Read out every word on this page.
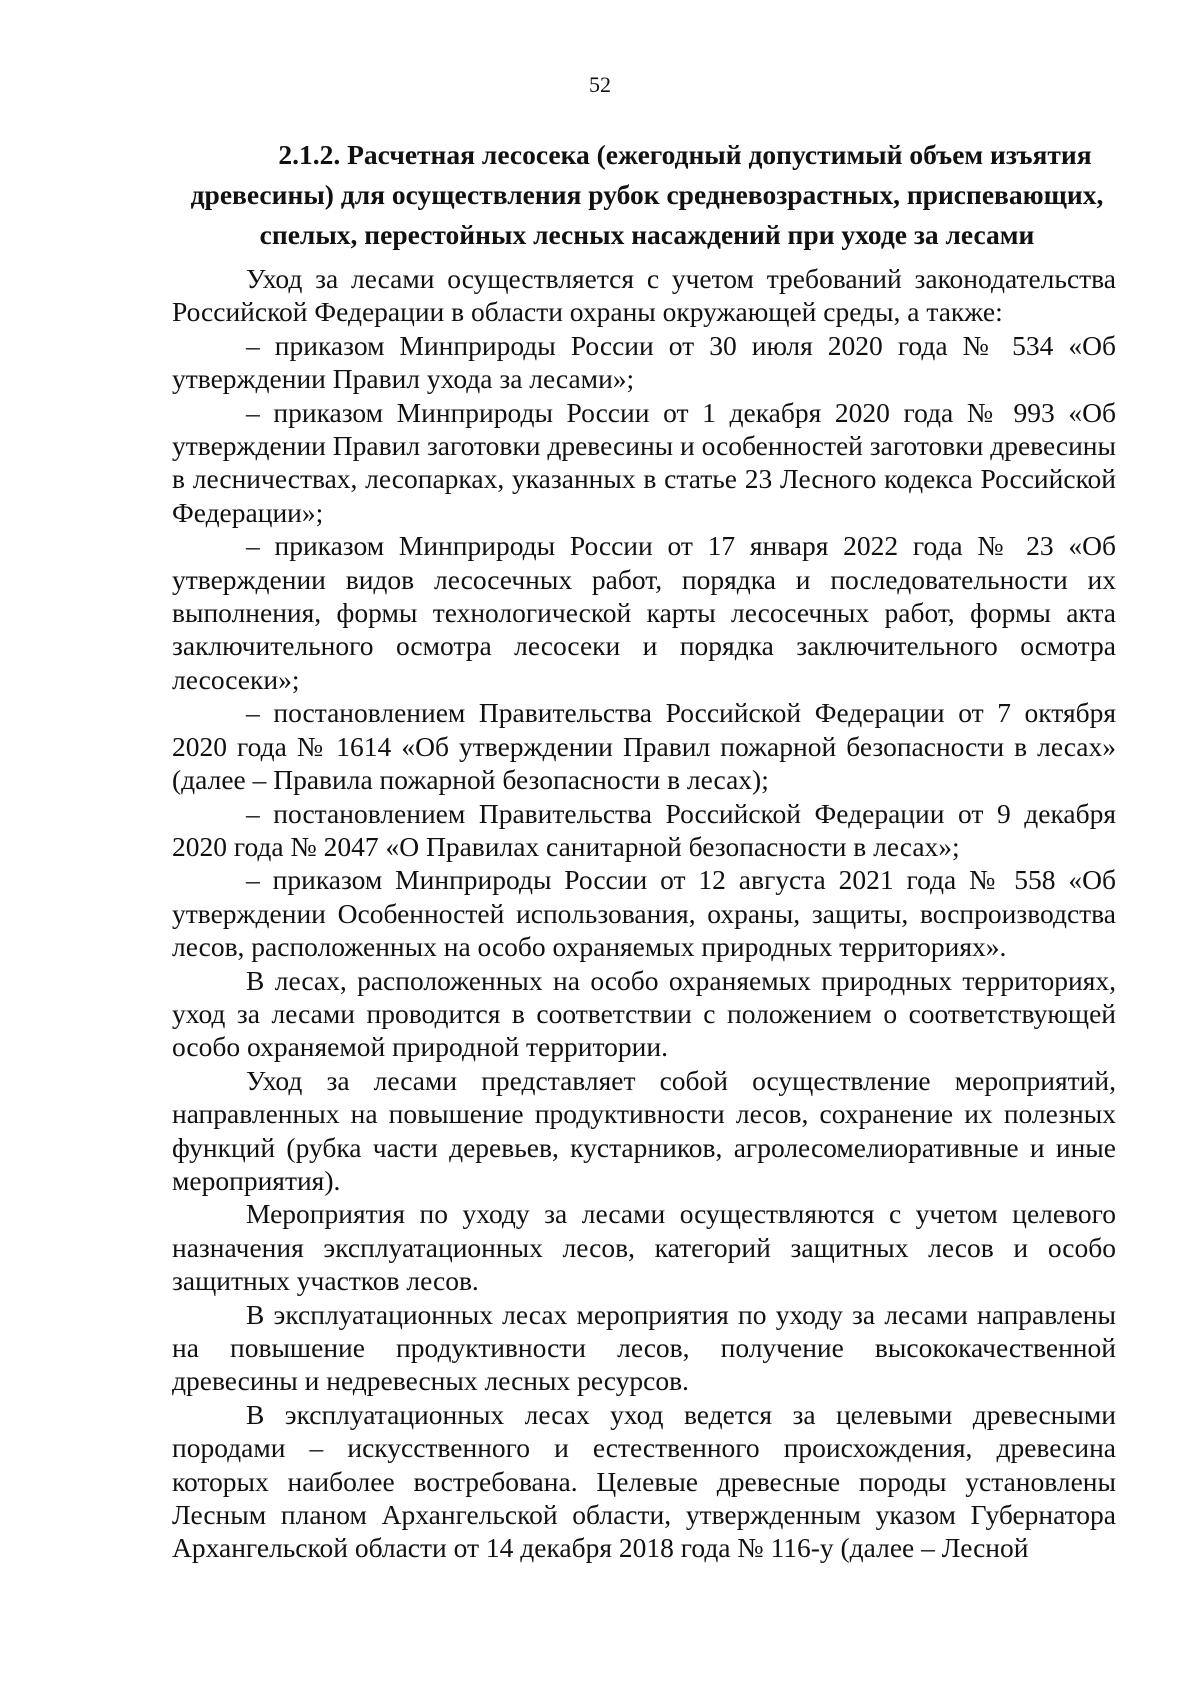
52
2.1.2. Расчетная лесосека (ежегодный допустимый объем изъятия
древесины) для осуществления рубок средневозрастных, приспевающих,
спелых, перестойных лесных насаждений при уходе за лесами

Уход за лесами осуществляется с учетом требований законодательства Российской Федерации в области охраны окружающей среды, а также:

– приказом Минприроды России от 30 июля 2020 года № 534 «Об утверждении Правил ухода за лесами»;

– приказом Минприроды России от 1 декабря 2020 года № 993 «Об утверждении Правил заготовки древесины и особенностей заготовки древесины в лесничествах, лесопарках, указанных в статье 23 Лесного кодекса Российской Федерации»;

– приказом Минприроды России от 17 января 2022 года № 23 «Об утверждении видов лесосечных работ, порядка и последовательности их выполнения, формы технологической карты лесосечных работ, формы акта заключительного осмотра лесосеки и порядка заключительного осмотра лесосеки»;

– постановлением Правительства Российской Федерации от 7 октября 2020 года № 1614 «Об утверждении Правил пожарной безопасности в лесах» (далее – Правила пожарной безопасности в лесах);

– постановлением Правительства Российской Федерации от 9 декабря 2020 года № 2047 «О Правилах санитарной безопасности в лесах»;

– приказом Минприроды России от 12 августа 2021 года № 558 «Об утверждении Особенностей использования, охраны, защиты, воспроизводства лесов, расположенных на особо охраняемых природных территориях».

В лесах, расположенных на особо охраняемых природных территориях, уход за лесами проводится в соответствии с положением о соответствующей особо охраняемой природной территории.

Уход за лесами представляет собой осуществление мероприятий, направленных на повышение продуктивности лесов, сохранение их полезных функций (рубка части деревьев, кустарников, агролесомелиоративные и иные мероприятия).

Мероприятия по уходу за лесами осуществляются с учетом целевого назначения эксплуатационных лесов, категорий защитных лесов и особо защитных участков лесов.

В эксплуатационных лесах мероприятия по уходу за лесами направлены на повышение продуктивности лесов, получение высококачественной древесины и недревесных лесных ресурсов.

В эксплуатационных лесах уход ведется за целевыми древесными породами – искусственного и естественного происхождения, древесина которых наиболее востребована. Целевые древесные породы установлены Лесным планом Архангельской области, утвержденным указом Губернатора Архангельской области от 14 декабря 2018 года № 116-у (далее – Лесной
